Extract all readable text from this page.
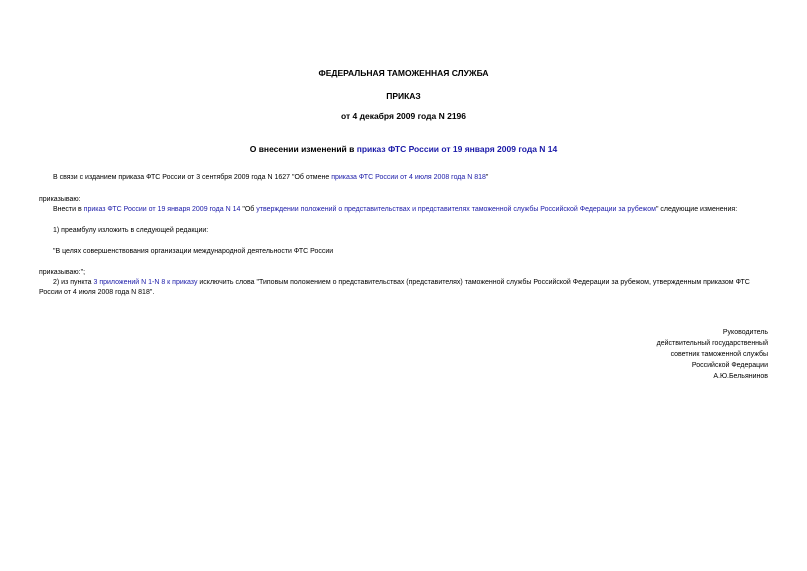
ФЕДЕРАЛЬНАЯ ТАМОЖЕННАЯ СЛУЖБА
ПРИКАЗ
от 4 декабря 2009 года N 2196
О внесении изменений в приказ ФТС России от 19 января 2009 года N 14
В связи с изданием приказа ФТС России от 3 сентября 2009 года N 1627 "Об отмене приказа ФТС России от 4 июля 2008 года N 818"
приказываю:
Внести в приказ ФТС России от 19 января 2009 года N 14 "Об утверждении положений о представительствах и представителях таможенной службы Российской Федерации за рубежом" следующие изменения:
1) преамбулу изложить в следующей редакции:
"В целях совершенствования организации международной деятельности ФТС России
приказываю:";
2) из пункта 3 приложений N 1-N 8 к приказу исключить слова "Типовым положением о представительствах (представителях) таможенной службы Российской Федерации за рубежом, утвержденным приказом ФТС России от 4 июля 2008 года N 818".
Руководитель
действительный государственный
советник таможенной службы
Российской Федерации
А.Ю.Бельянинов
